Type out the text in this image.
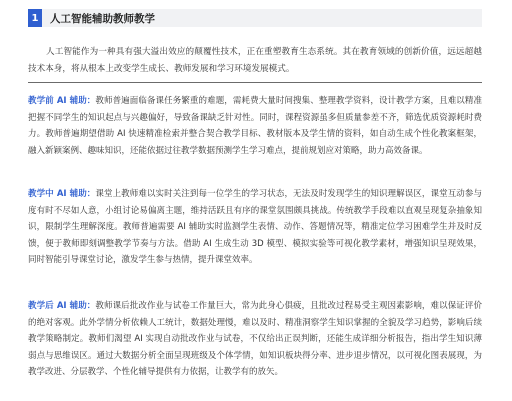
1	人工智能辅助教师教学

人工智能作为一种具有强大溢出效应的颠覆性技术，正在重塑教育生态系统。其在教育领域的创新价值，远远超越技术本身，将从根本上改变学生成长、教师发展和学习环境发展模式。

教学前 AI 辅助：教师普遍面临备课任务繁重的难题，需耗费大量时间搜集、整理教学资料，设计教学方案，且难以精准把握不同学生的知识起点与兴趣偏好，导致备课缺乏针对性。同时，课程资源虽多但质量参差不齐，筛选优质资源耗时费力。教师普遍期望借助 AI 快速精准检索并整合契合教学目标、教材版本及学生情的资料，如自动生成个性化教案框架，融入新颖案例、趣味知识，还能依据过往教学数据预测学生学习难点，提前规划应对策略，助力高效备课。

教学中 AI 辅助：课堂上教师难以实时关注到每一位学生的学习状态，无法及时发现学生的知识理解误区，课堂互动参与度有时不尽如人意，小组讨论易偏离主题，维持活跃且有序的课堂氛围颇具挑战。传统教学手段难以直观呈现复杂抽象知识，限制学生理解深度。教师普遍需要 AI 辅助实时监测学生表情、动作、答题情况等，精准定位学习困难学生并及时反馈，便于教师即刻调整教学节奏与方法。借助 AI 生成生动 3D 模型、模拟实验等可视化教学素材，增强知识呈现效果，同时智能引导课堂讨论，激发学生参与热情，提升课堂效率。

教学后 AI 辅助：教师课后批改作业与试卷工作量巨大，常为此身心俱疲，且批改过程易受主观因素影响，难以保证评价的绝对客观。此外学情分析依赖人工统计，数据处理慢，难以及时、精准洞察学生知识掌握的全貌及学习趋势，影响后续教学策略制定。教师们渴望 AI 实现自动批改作业与试卷，不仅给出正误判断，还能生成详细分析报告，指出学生知识薄弱点与思维误区。通过大数据分析全面呈现班级及个体学情，如知识板块得分率、进步退步情况，以可视化图表展现，为教学改进、分层教学、个性化辅导提供有力依据，让教学有的放矢。
